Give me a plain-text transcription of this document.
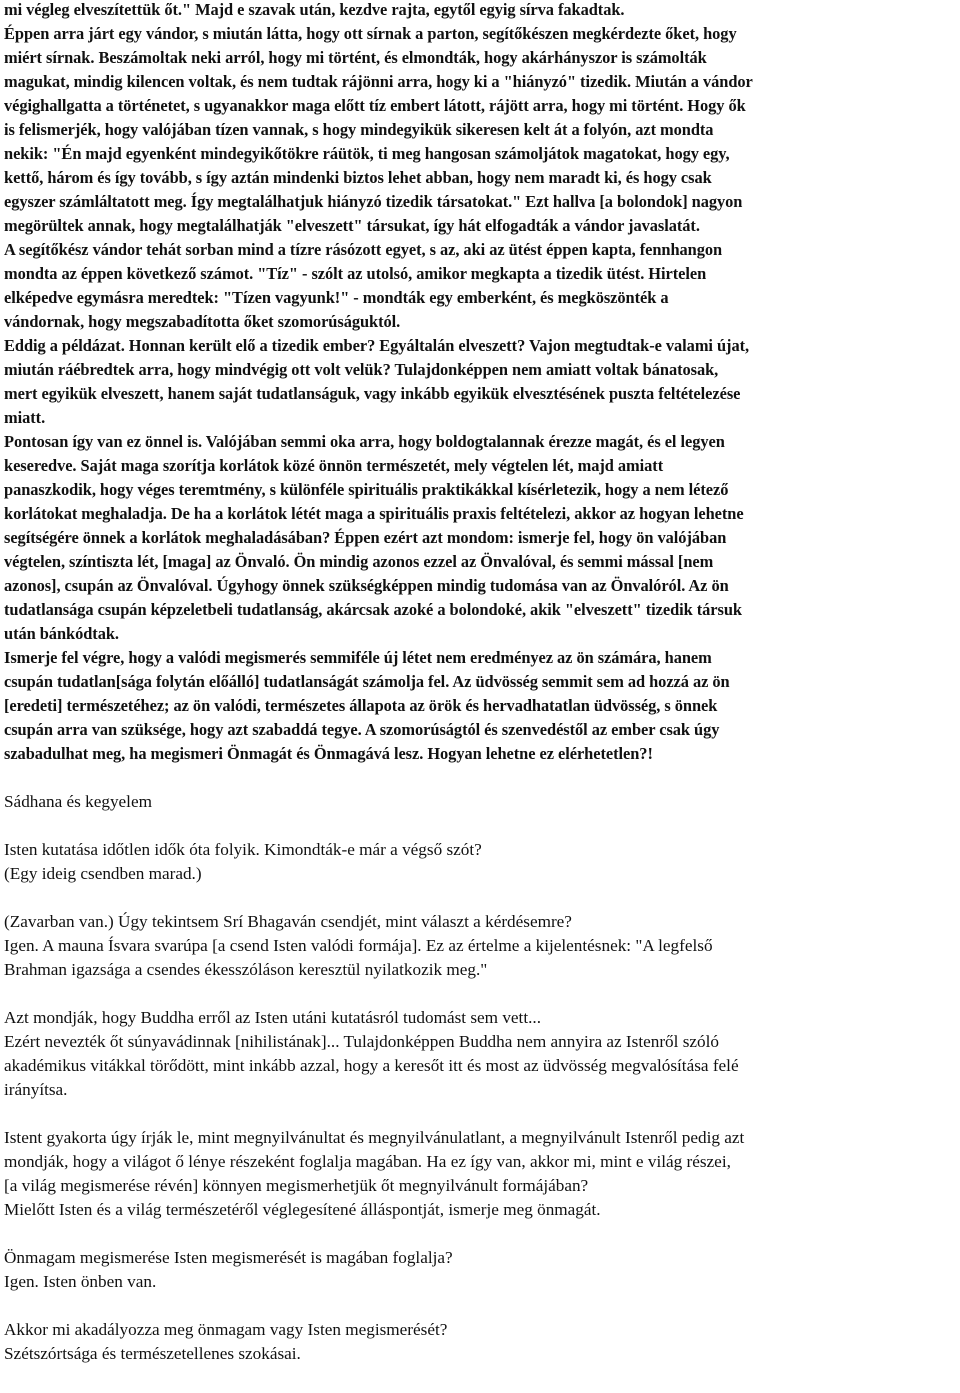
mi végleg elveszítettük őt." Majd e szavak után, kezdve rajta, egytől egyig sírva fakadtak.
Éppen arra járt egy vándor, s miután látta, hogy ott sírnak a parton, segítőkészen megkérdezte őket, hogy
miért sírnak. Beszámoltak neki arról, hogy mi történt, és elmondták, hogy akárhányszor is számolták
magukat, mindig kilencen voltak, és nem tudtak rájönni arra, hogy ki a "hiányzó" tizedik. Miután a vándor
végighallgatta a történetet, s ugyanakkor maga előtt tíz embert látott, rájött arra, hogy mi történt. Hogy ők
is felismerjék, hogy valójában tízen vannak, s hogy mindegyikük sikeresen kelt át a folyón, azt mondta
nekik: "Én majd egyenként mindegyikőtökre ráütök, ti meg hangosan számoljátok magatokat, hogy egy,
kettő, három és így tovább, s így aztán mindenki biztos lehet abban, hogy nem maradt ki, és hogy csak
egyszer számláltatott meg. Így megtalálhatjuk hiányzó tizedik társatokat." Ezt hallva [a bolondok] nagyon
megörültek annak, hogy megtalálhatják "elveszett" társukat, így hát elfogadták a vándor javaslatát.
A segítőkész vándor tehát sorban mind a tízre rásózott egyet, s az, aki az ütést éppen kapta, fennhangon
mondta az éppen következő számot. "Tíz" - szólt az utolsó, amikor megkapta a tizedik ütést. Hirtelen
elképedve egymásra meredtek: "Tízen vagyunk!" - mondták egy emberként, és megköszönték a
vándornak, hogy megszabadította őket szomorúságuktól.
Eddig a példázat. Honnan került elő a tizedik ember? Egyáltalán elveszett? Vajon megtudtak-e valami újat,
miután ráébredtek arra, hogy mindvégig ott volt velük? Tulajdonképpen nem amiatt voltak bánatosak,
mert egyikük elveszett, hanem saját tudatlanságuk, vagy inkább egyikük elvesztésének puszta feltételezése
miatt.
Pontosan így van ez önnel is. Valójában semmi oka arra, hogy boldogtalannak érezze magát, és el legyen
keseredve. Saját maga szorítja korlátok közé önnön természetét, mely végtelen lét, majd amiatt
panaszkodik, hogy véges teremtmény, s különféle spirituális praktikákkal kísérletezik, hogy a nem létező
korlátokat meghaladja. De ha a korlátok létét maga a spirituális praxis feltételezi, akkor az hogyan lehetne
segítségére önnek a korlátok meghaladásában? Éppen ezért azt mondom: ismerje fel, hogy ön valójában
végtelen, színtiszta lét, [maga] az Önvaló. Ön mindig azonos ezzel az Önvalóval, és semmi mással [nem
azonos], csupán az Önvalóval. Úgyhogy önnek szükségképpen mindig tudomása van az Önvalóról. Az ön
tudatlansága csupán képzeletbeli tudatlanság, akárcsak azoké a bolondoké, akik "elveszett" tizedik társuk
után bánkódtak.
Ismerje fel végre, hogy a valódi megismerés semmiféle új létet nem eredményez az ön számára, hanem
csupán tudatlan[sága folytán előálló] tudatlanságát számolja fel. Az üdvösség semmit sem ad hozzá az ön
[eredeti] természetéhez; az ön valódi, természetes állapota az örök és hervadhatatlan üdvösség, s önnek
csupán arra van szüksége, hogy azt szabaddá tegye. A szomorúságtól és szenvedéstől az ember csak úgy
szabadulhat meg, ha megismeri Önmagát és Önmagává lesz. Hogyan lehetne ez elérhetetlen?!
Sádhana és kegyelem
Isten kutatása időtlen idők óta folyik. Kimondták-e már a végső szót?
(Egy ideig csendben marad.)
(Zavarban van.) Úgy tekintsem Srí Bhagaván csendjét, mint választ a kérdésemre?
Igen. A mauna Ísvara svarúpa [a csend Isten valódi formája]. Ez az értelme a kijelentésnek: "A legfelső
Brahman igazsága a csendes ékesszóláson keresztül nyilatkozik meg."
Azt mondják, hogy Buddha erről az Isten utáni kutatásról tudomást sem vett...
Ezért nevezték őt súnyavádinnak [nihilistának]... Tulajdonképpen Buddha nem annyira az Istenről szóló
akadémikus vitákkal törődött, mint inkább azzal, hogy a keresőt itt és most az üdvösség megvalósítása felé
irányítsa.
Istent gyakorta úgy írják le, mint megnyilvánultat és megnyilvánulatlant, a megnyilvánult Istenről pedig azt
mondják, hogy a világot ő lénye részeként foglalja magában. Ha ez így van, akkor mi, mint e világ részei,
[a világ megismerése révén] könnyen megismerhetjük őt megnyilvánult formájában?
Mielőtt Isten és a világ természetéről véglegesítené álláspontját, ismerje meg önmagát.
Önmagam megismerése Isten megismerését is magában foglalja?
Igen. Isten önben van.
Akkor mi akadályozza meg önmagam vagy Isten megismerését?
Szétszórtsága és természetellenes szokásai.
